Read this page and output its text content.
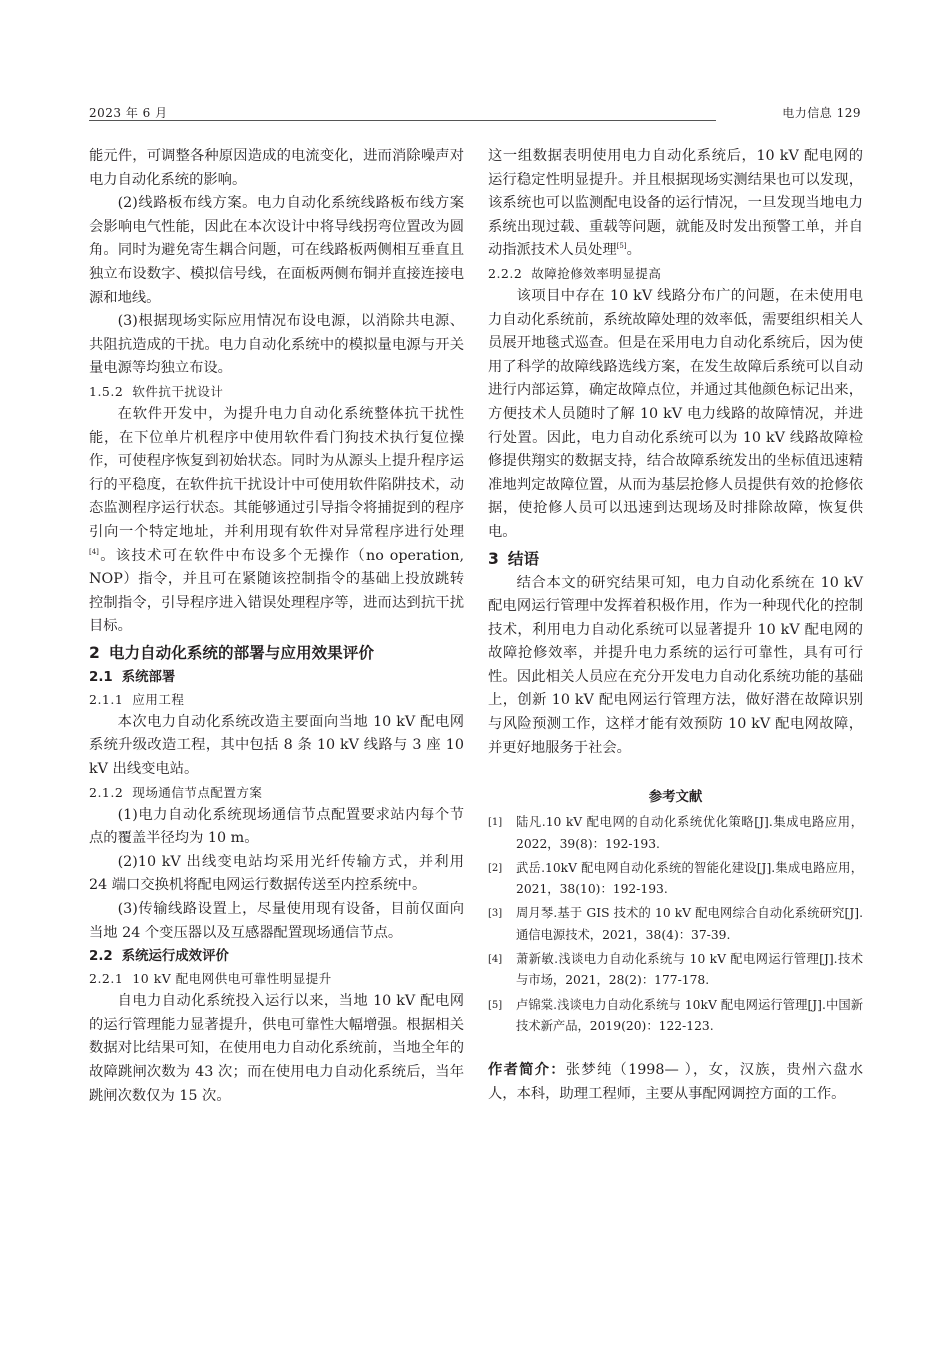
2023 年 6 月	电力信息 129

能元件，可调整各种原因造成的电流变化，进而消除噪声对电力自动化系统的影响。

(2)线路板布线方案。电力自动化系统线路板布线方案会影响电气性能，因此在本次设计中将导线拐弯位置改为圆角。同时为避免寄生耦合问题，可在线路板两侧相互垂直且独立布设数字、模拟信号线，在面板两侧布铜并直接连接电源和地线。

(3)根据现场实际应用情况布设电源，以消除共电源、共阻抗造成的干扰。电力自动化系统中的模拟量电源与开关量电源等均独立布设。

1.5.2 软件抗干扰设计

在软件开发中，为提升电力自动化系统整体抗干扰性能，在下位单片机程序中使用软件看门狗技术执行复位操作，可使程序恢复到初始状态。同时为从源头上提升程序运行的平稳度，在软件抗干扰设计中可使用软件陷阱技术，动态监测程序运行状态。其能够通过引导指令将捕捉到的程序引向一个特定地址，并利用现有软件对异常程序进行处理[4]。该技术可在软件中布设多个无操作（no operation, NOP）指令，并且可在紧随该控制指令的基础上投放跳转控制指令，引导程序进入错误处理程序等，进而达到抗干扰目标。

2 电力自动化系统的部署与应用效果评价
2.1 系统部署
2.1.1 应用工程

本次电力自动化系统改造主要面向当地 10 kV 配电网系统升级改造工程，其中包括 8 条 10 kV 线路与 3 座 10 kV 出线变电站。

2.1.2 现场通信节点配置方案

(1)电力自动化系统现场通信节点配置要求站内每个节点的覆盖半径均为 10 m。

(2)10 kV 出线变电站均采用光纤传输方式，并利用 24 端口交换机将配电网运行数据传送至内控系统中。

(3)传输线路设置上，尽量使用现有设备，目前仅面向当地 24 个变压器以及互感器配置现场通信节点。

2.2 系统运行成效评价
2.2.1 10 kV 配电网供电可靠性明显提升

自电力自动化系统投入运行以来，当地 10 kV 配电网的运行管理能力显著提升，供电可靠性大幅增强。根据相关数据对比结果可知，在使用电力自动化系统前，当地全年的故障跳闸次数为 43 次；而在使用电力自动化系统后，当年跳闸次数仅为 15 次。

这一组数据表明使用电力自动化系统后，10 kV 配电网的运行稳定性明显提升。并且根据现场实测结果也可以发现，该系统也可以监测配电设备的运行情况，一旦发现当地电力系统出现过载、重载等问题，就能及时发出预警工单，并自动指派技术人员处理[5]。

2.2.2 故障抢修效率明显提高

该项目中存在 10 kV 线路分布广的问题，在未使用电力自动化系统前，系统故障处理的效率低，需要组织相关人员展开地毯式巡查。但是在采用电力自动化系统后，因为使用了科学的故障线路选线方案，在发生故障后系统可以自动进行内部运算，确定故障点位，并通过其他颜色标记出来，方便技术人员随时了解 10 kV 电力线路的故障情况，并进行处置。因此，电力自动化系统可以为 10 kV 线路故障检修提供翔实的数据支持，结合故障系统发出的坐标值迅速精准地判定故障位置，从而为基层抢修人员提供有效的抢修依据，使抢修人员可以迅速到达现场及时排除故障，恢复供电。

3 结语

结合本文的研究结果可知，电力自动化系统在 10 kV 配电网运行管理中发挥着积极作用，作为一种现代化的控制技术，利用电力自动化系统可以显著提升 10 kV 配电网的故障抢修效率，并提升电力系统的运行可靠性，具有可行性。因此相关人员应在充分开发电力自动化系统功能的基础上，创新 10 kV 配电网运行管理方法，做好潜在故障识别与风险预测工作，这样才能有效预防 10 kV 配电网故障，并更好地服务于社会。

参考文献
[1]	陆凡.10 kV 配电网的自动化系统优化策略[J].集成电路应用，2022，39(8)：192-193.
[2]	武岳.10kV 配电网自动化系统的智能化建设[J].集成电路应用，2021，38(10)：192-193.
[3]	周月琴.基于 GIS 技术的 10 kV 配电网综合自动化系统研究[J].通信电源技术，2021，38(4)：37-39.
[4]	萧新敏.浅谈电力自动化系统与 10 kV 配电网运行管理[J].技术与市场，2021，28(2)：177-178.
[5]	卢锦棠.浅谈电力自动化系统与 10kV 配电网运行管理[J].中国新技术新产品，2019(20)：122-123.

作者简介：张梦纯（1998— ），女，汉族，贵州六盘水人，本科，助理工程师，主要从事配网调控方面的工作。
